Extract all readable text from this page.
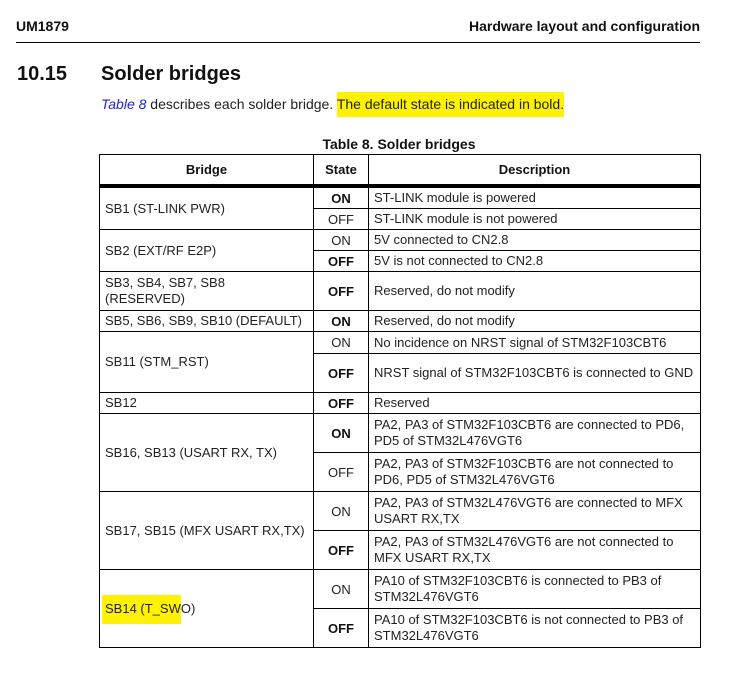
UM1879	Hardware layout and configuration
10.15 Solder bridges
Table 8 describes each solder bridge. The default state is indicated in bold.
Table 8. Solder bridges
Bridge	State	Description
SB1 (ST-LINK PWR)	ON	ST-LINK module is powered
	OFF	ST-LINK module is not powered
SB2 (EXT/RF E2P)	ON	5V connected to CN2.8
	OFF	5V is not connected to CN2.8
SB3, SB4, SB7, SB8 (RESERVED)	OFF	Reserved, do not modify
SB5, SB6, SB9, SB10 (DEFAULT)	ON	Reserved, do not modify
SB11 (STM_RST)	ON	No incidence on NRST signal of STM32F103CBT6
	OFF	NRST signal of STM32F103CBT6 is connected to GND
SB12	OFF	Reserved
SB16, SB13 (USART RX, TX)	ON	PA2, PA3 of STM32F103CBT6 are connected to PD6, PD5 of STM32L476VGT6
	OFF	PA2, PA3 of STM32F103CBT6 are not connected to PD6, PD5 of STM32L476VGT6
SB17, SB15 (MFX USART RX,TX)	ON	PA2, PA3 of STM32L476VGT6 are connected to MFX USART RX,TX
	OFF	PA2, PA3 of STM32L476VGT6 are not connected to MFX USART RX,TX
SB14 (T_SWO)	ON	PA10 of STM32F103CBT6 is connected to PB3 of STM32L476VGT6
	OFF	PA10 of STM32F103CBT6 is not connected to PB3 of STM32L476VGT6
